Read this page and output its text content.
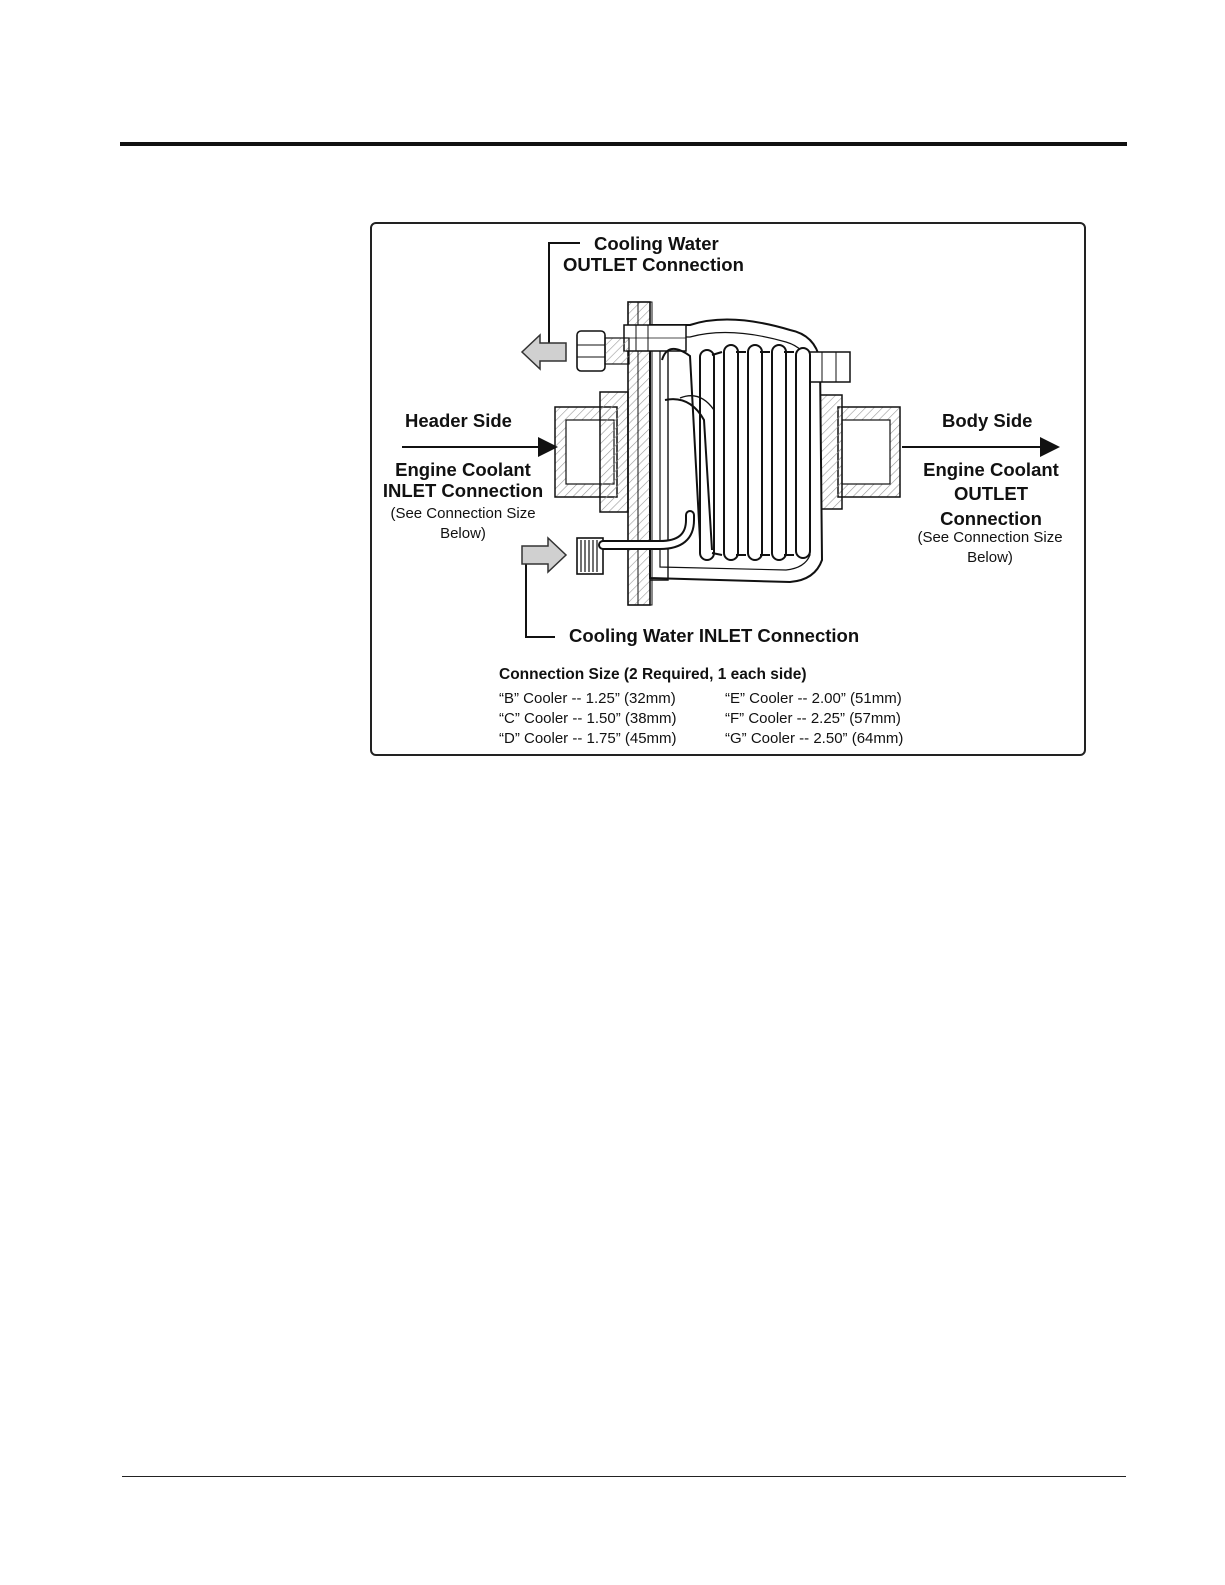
Cooling Water
OUTLET Connection
Header Side
Engine Coolant
INLET Connection
(See Connection Size
Below)
Body Side
Engine Coolant
OUTLET
Connection
(See Connection Size
Below)
Cooling Water INLET Connection
Connection Size (2 Required, 1 each side)
“B” Cooler -- 1.25” (32mm)
“C” Cooler -- 1.50” (38mm)
“D” Cooler -- 1.75” (45mm)
“E” Cooler -- 2.00” (51mm)
“F” Cooler -- 2.25” (57mm)
“G” Cooler -- 2.50” (64mm)
